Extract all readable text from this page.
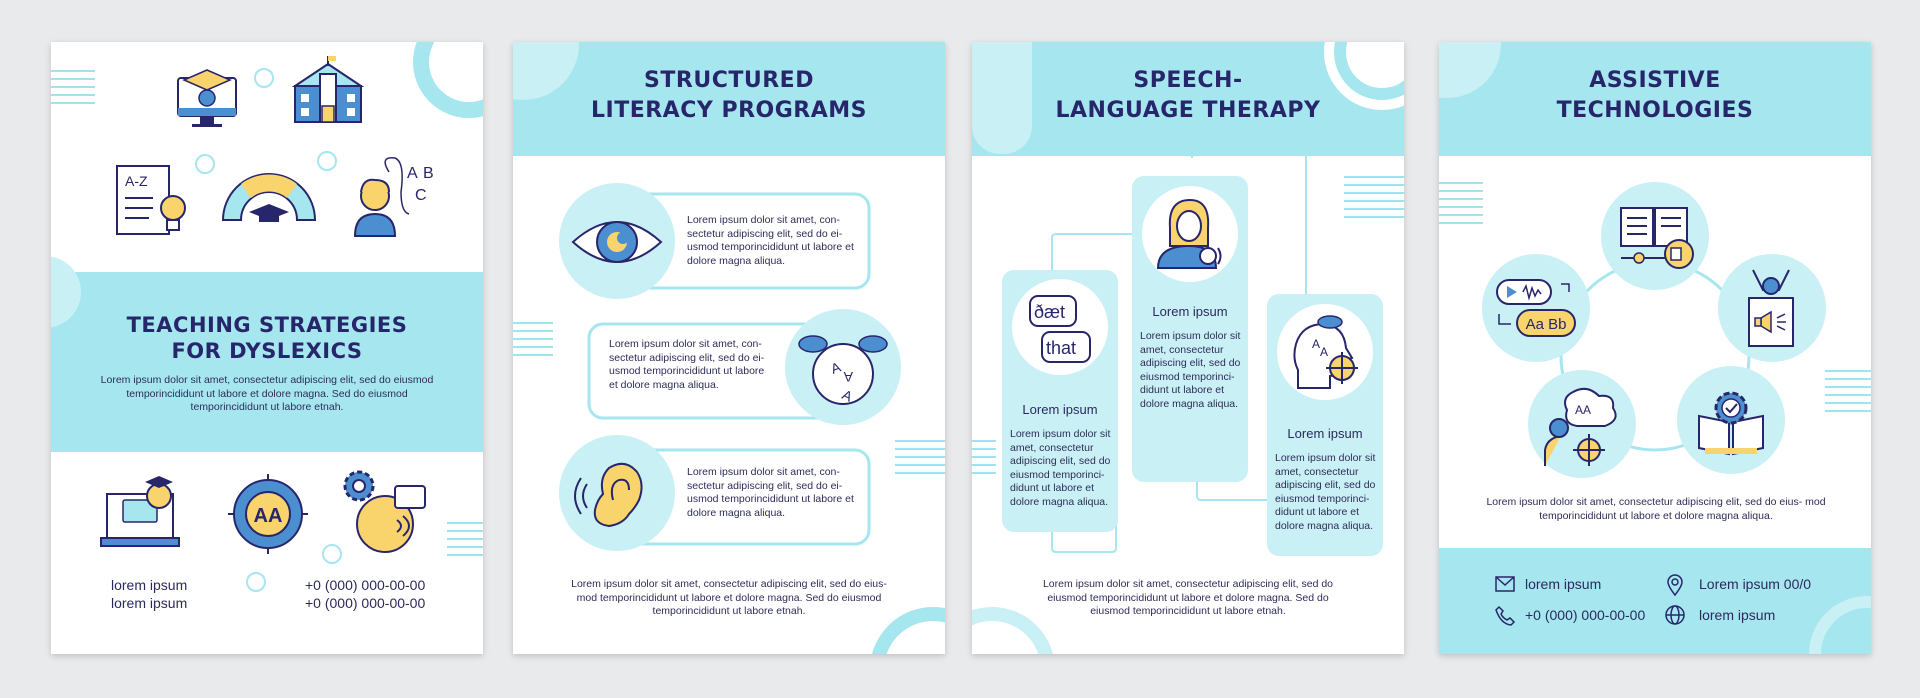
A-Z	A B
C
TEACHING STRATEGIES
FOR DYSLEXICS
Lorem ipsum dolor sit amet, consectetur adipiscing elit, sed do eiusmod temporincididunt ut labore et dolore magna. Sed do eiusmod temporincididunt ut labore etnah.
AA
lorem ipsum
lorem ipsum
+0 (000) 000-00-00
+0 (000) 000-00-00
STRUCTURED
LITERACY PROGRAMS
Lorem ipsum dolor sit amet, con- sectetur adipiscing elit, sed do ei- usmod temporincididunt ut labore et dolore magna aliqua.
A
A
A
Lorem ipsum dolor sit amet, con- sectetur adipiscing elit, sed do ei- usmod temporincididunt ut labore et dolore magna aliqua.
Lorem ipsum dolor sit amet, con- sectetur adipiscing elit, sed do ei- usmod temporincididunt ut labore et dolore magna aliqua.
Lorem ipsum dolor sit amet, consectetur adipiscing elit, sed do eius- mod temporincididunt ut labore et dolore magna. Sed do eiusmod temporincididunt ut labore etnah.
SPEECH-
LANGUAGE THERAPY
ðæt
that
Lorem ipsum
Lorem ipsum dolor sit amet, consectetur adipiscing elit, sed do eiusmod temporinci- didunt ut labore et dolore magna aliqua.
Lorem ipsum
Lorem ipsum dolor sit amet, consectetur adipiscing elit, sed do eiusmod temporinci- didunt ut labore et dolore magna aliqua.
A
A
Lorem ipsum
Lorem ipsum dolor sit amet, consectetur adipiscing elit, sed do eiusmod temporinci- didunt ut labore et dolore magna aliqua.
Lorem ipsum dolor sit amet, consectetur adipiscing elit, sed do eiusmod temporincididunt ut labore et dolore magna. Sed do eiusmod temporincididunt ut labore etnah.
ASSISTIVE
TECHNOLOGIES
Aa Bb
AA
Lorem ipsum dolor sit amet, consectetur adipiscing elit, sed do eius- mod temporincididunt ut labore et dolore magna aliqua.
lorem ipsum	Lorem ipsum 00/0
+0 (000) 000-00-00	lorem ipsum
